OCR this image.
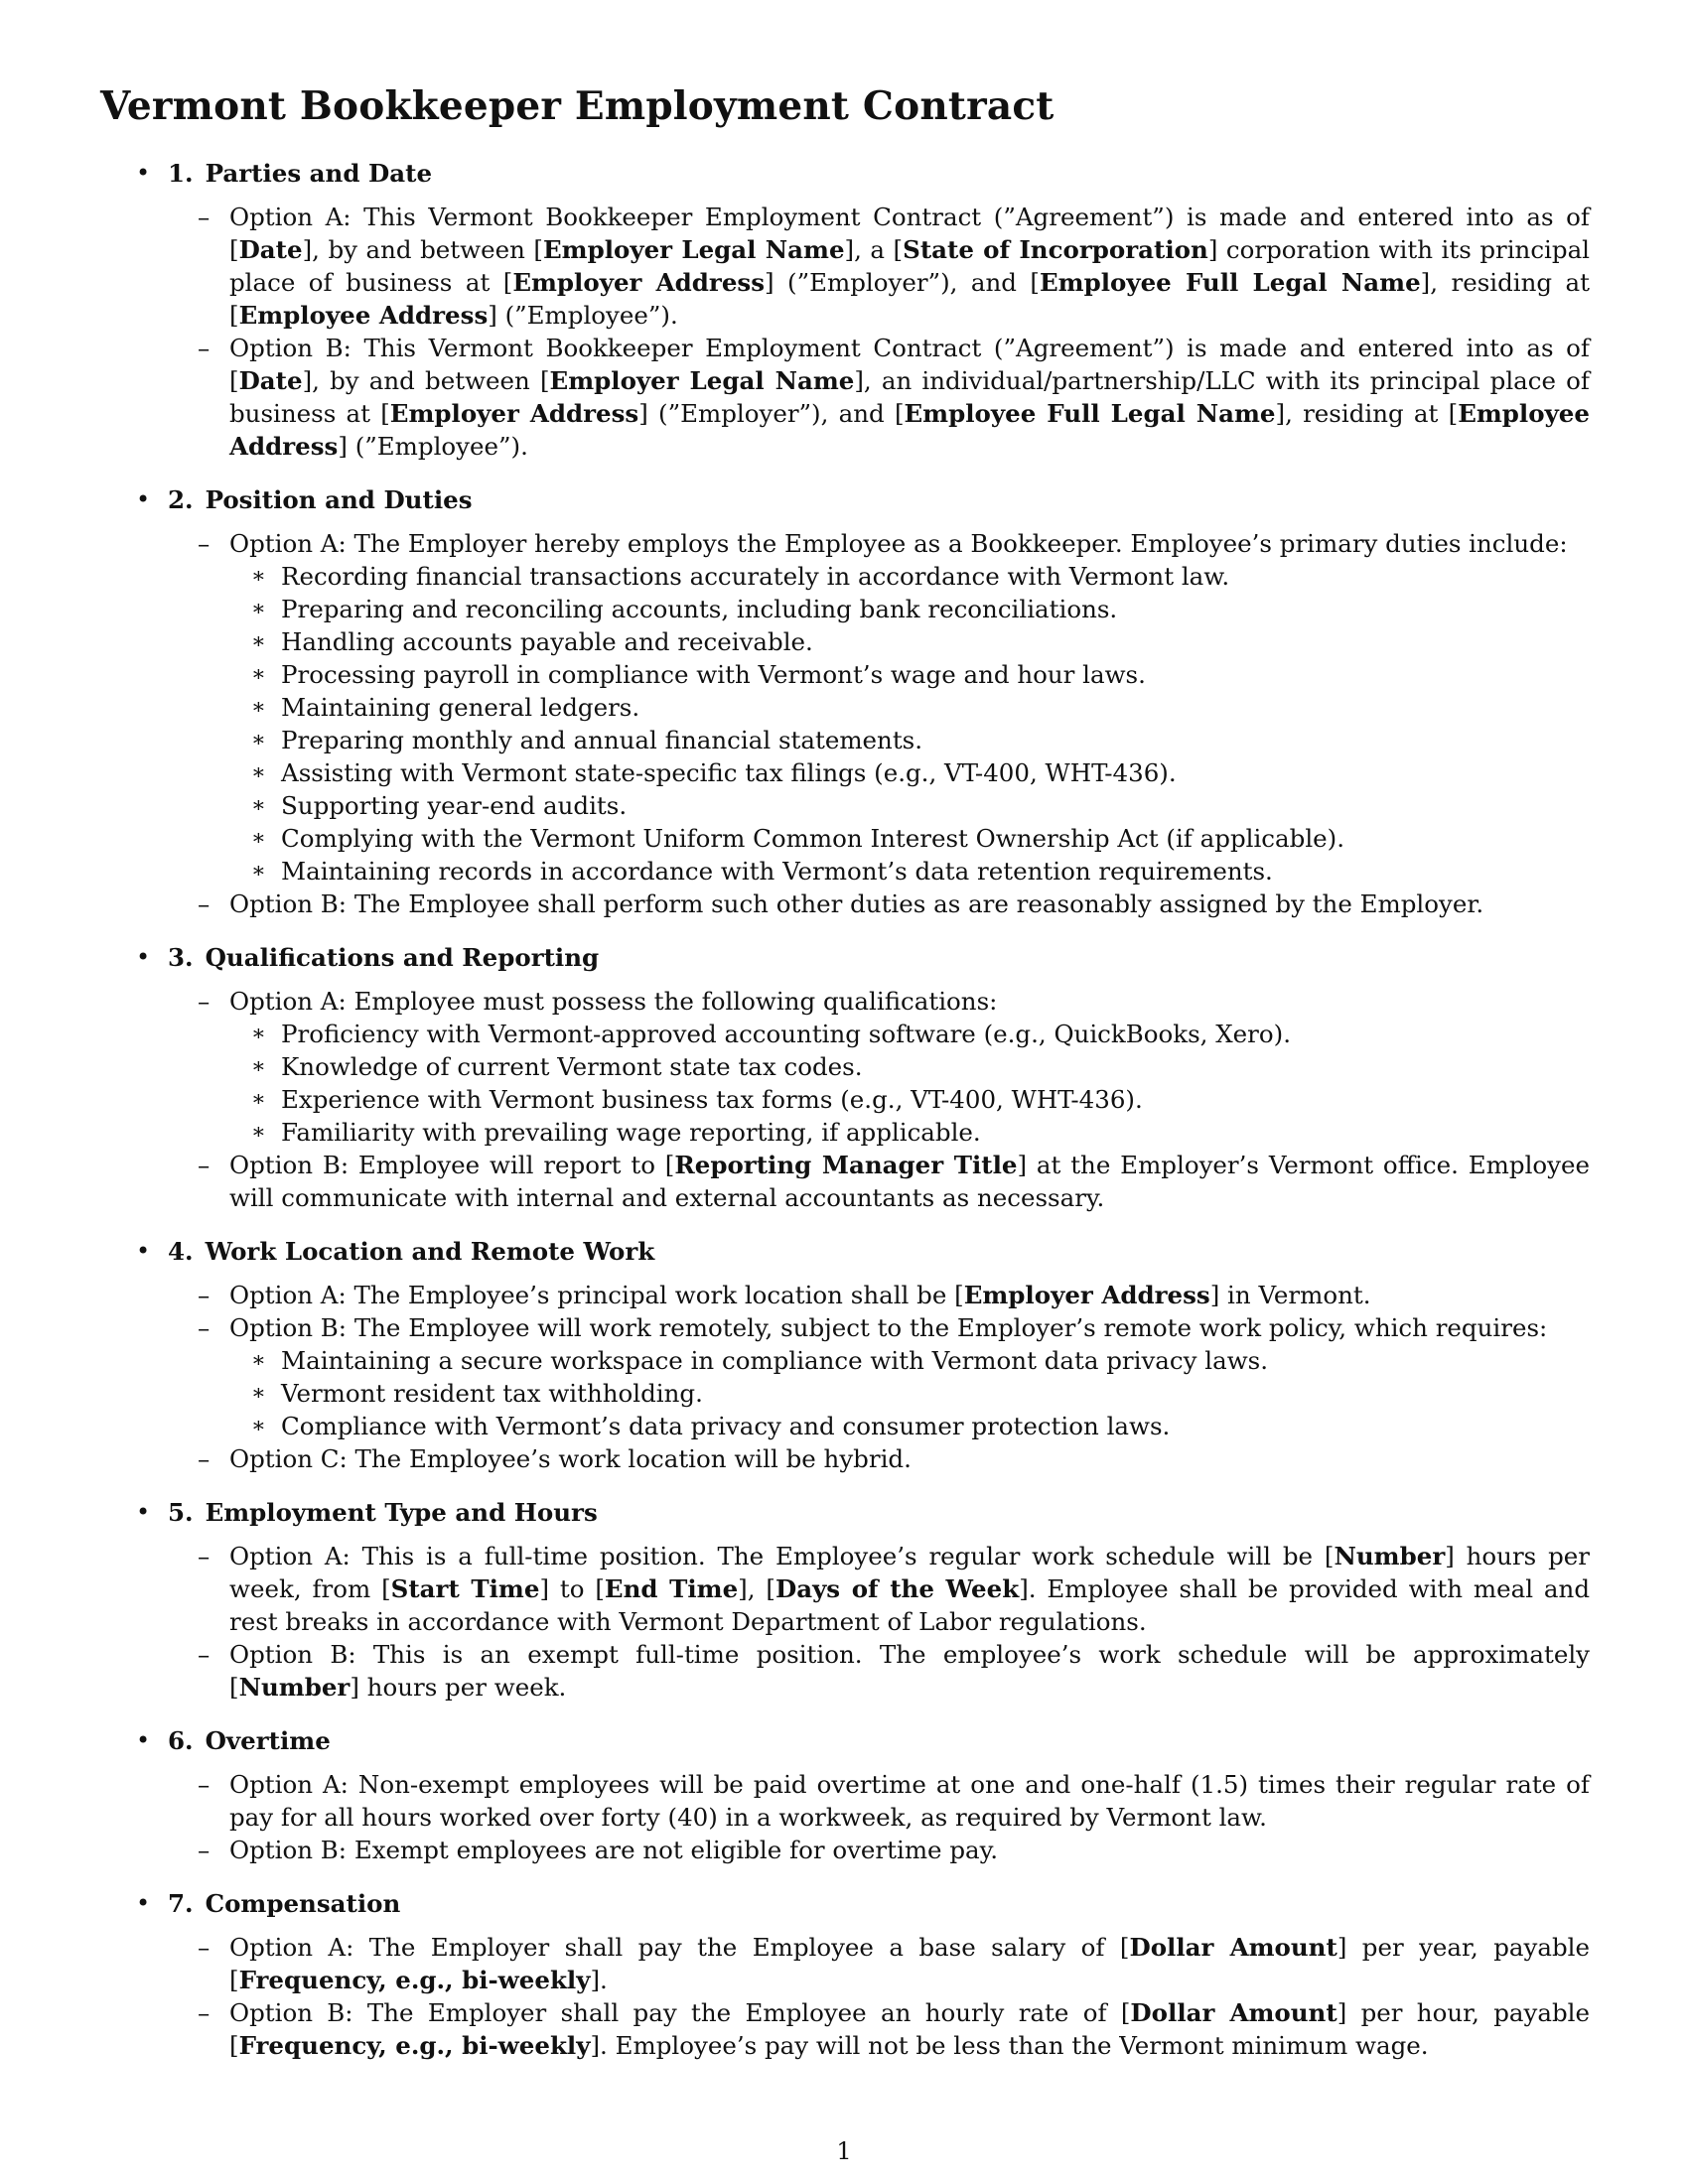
Vermont Bookkeeper Employment Contract
• 1. Parties and Date
– Option A: This Vermont Bookkeeper Employment Contract (”Agreement”) is made and entered into as of [Date], by and between [Employer Legal Name], a [State of Incorporation] corporation with its principal place of business at [Employer Address] (”Employer”), and [Employee Full Legal Name], residing at [Employee Address] (”Employee”).
– Option B: This Vermont Bookkeeper Employment Contract (”Agreement”) is made and entered into as of [Date], by and between [Employer Legal Name], an individual/partnership/LLC with its principal place of business at [Employer Address] (”Employer”), and [Employee Full Legal Name], residing at [Employee Address] (”Employee”).
• 2. Position and Duties
– Option A: The Employer hereby employs the Employee as a Bookkeeper. Employee’s primary duties include:
∗ Recording financial transactions accurately in accordance with Vermont law.
∗ Preparing and reconciling accounts, including bank reconciliations.
∗ Handling accounts payable and receivable.
∗ Processing payroll in compliance with Vermont’s wage and hour laws.
∗ Maintaining general ledgers.
∗ Preparing monthly and annual financial statements.
∗ Assisting with Vermont state-specific tax filings (e.g., VT-400, WHT-436).
∗ Supporting year-end audits.
∗ Complying with the Vermont Uniform Common Interest Ownership Act (if applicable).
∗ Maintaining records in accordance with Vermont’s data retention requirements.
– Option B: The Employee shall perform such other duties as are reasonably assigned by the Employer.
• 3. Qualifications and Reporting
– Option A: Employee must possess the following qualifications:
∗ Proficiency with Vermont-approved accounting software (e.g., QuickBooks, Xero).
∗ Knowledge of current Vermont state tax codes.
∗ Experience with Vermont business tax forms (e.g., VT-400, WHT-436).
∗ Familiarity with prevailing wage reporting, if applicable.
– Option B: Employee will report to [Reporting Manager Title] at the Employer’s Vermont office. Employee will communicate with internal and external accountants as necessary.
• 4. Work Location and Remote Work
– Option A: The Employee’s principal work location shall be [Employer Address] in Vermont.
– Option B: The Employee will work remotely, subject to the Employer’s remote work policy, which requires:
∗ Maintaining a secure workspace in compliance with Vermont data privacy laws.
∗ Vermont resident tax withholding.
∗ Compliance with Vermont’s data privacy and consumer protection laws.
– Option C: The Employee’s work location will be hybrid.
• 5. Employment Type and Hours
– Option A: This is a full-time position. The Employee’s regular work schedule will be [Number] hours per week, from [Start Time] to [End Time], [Days of the Week]. Employee shall be provided with meal and rest breaks in accordance with Vermont Department of Labor regulations.
– Option B: This is an exempt full-time position. The employee’s work schedule will be approximately [Number] hours per week.
• 6. Overtime
– Option A: Non-exempt employees will be paid overtime at one and one-half (1.5) times their regular rate of pay for all hours worked over forty (40) in a workweek, as required by Vermont law.
– Option B: Exempt employees are not eligible for overtime pay.
• 7. Compensation
– Option A: The Employer shall pay the Employee a base salary of [Dollar Amount] per year, payable [Frequency, e.g., bi-weekly].
– Option B: The Employer shall pay the Employee an hourly rate of [Dollar Amount] per hour, payable [Frequency, e.g., bi-weekly]. Employee’s pay will not be less than the Vermont minimum wage.
1
